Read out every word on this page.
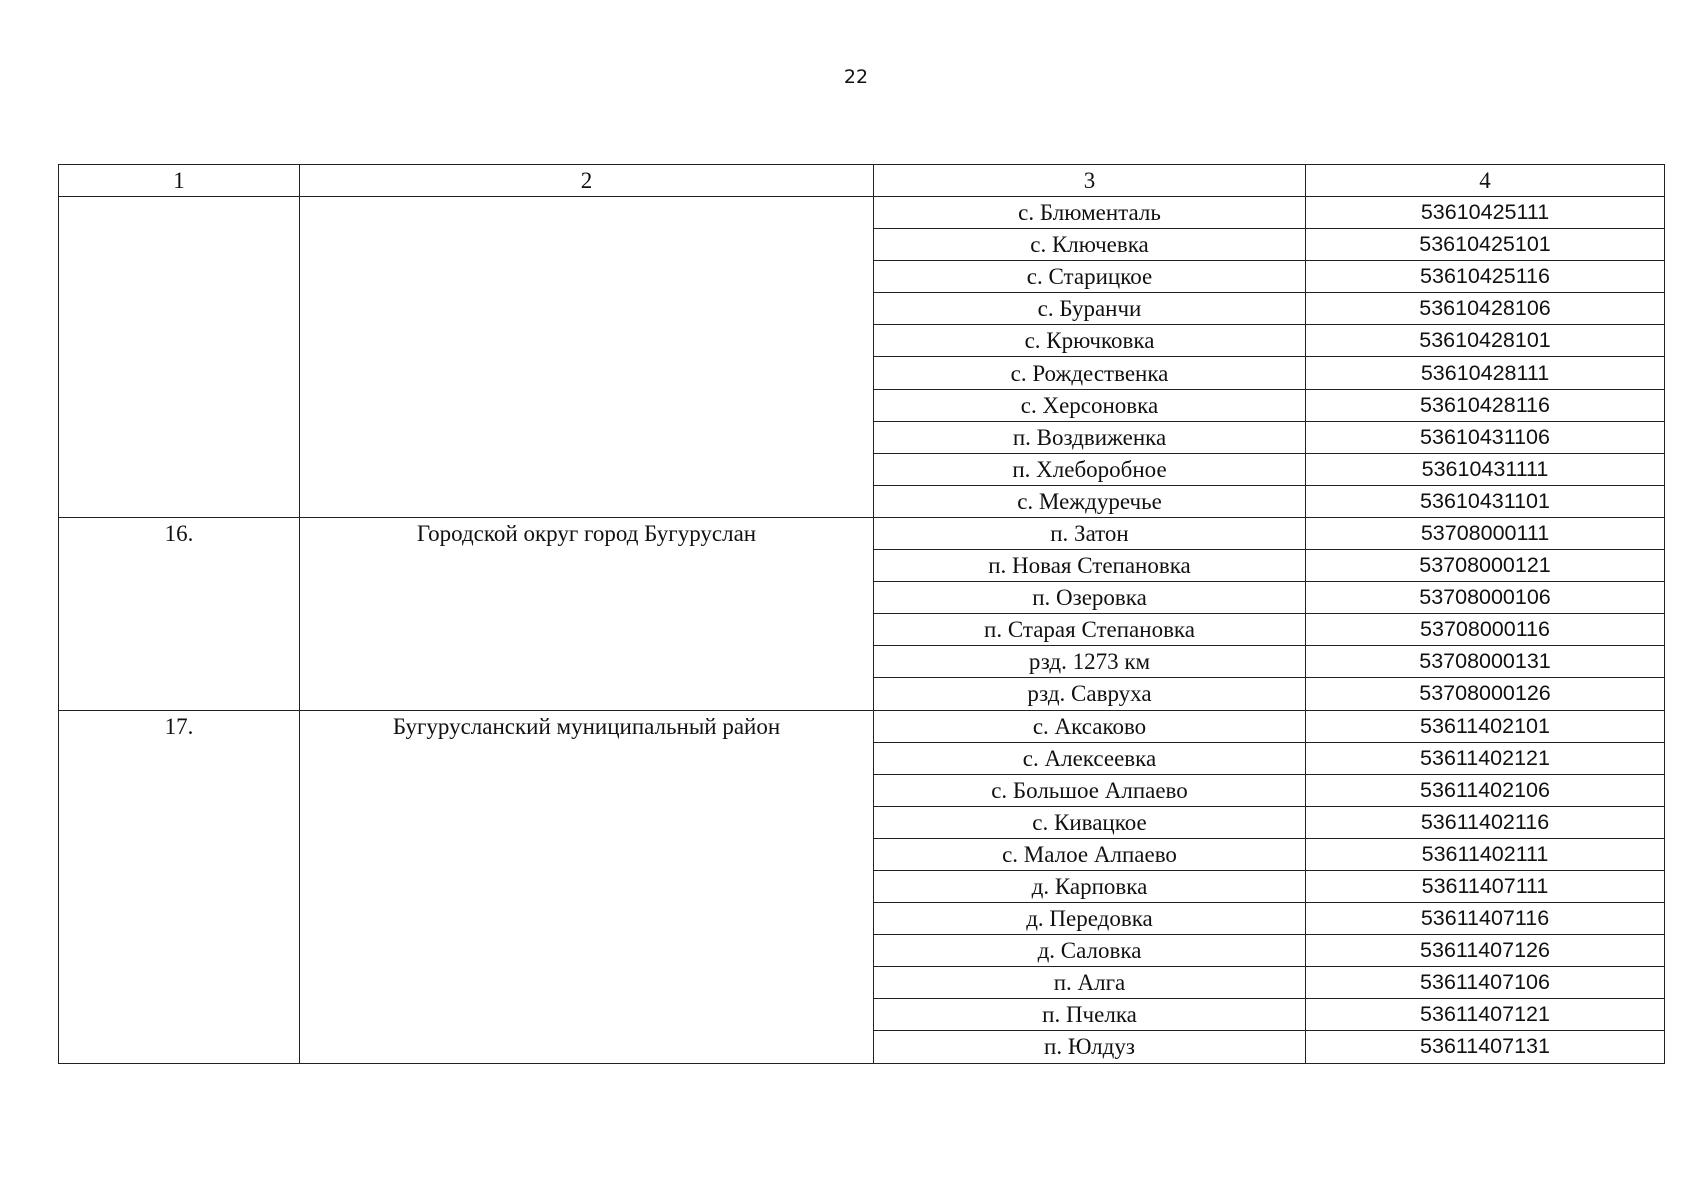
22
1	2	3	4
		с. Блюменталь	53610425111
		с. Ключевка	53610425101
		с. Старицкое	53610425116
		с. Буранчи	53610428106
		с. Крючковка	53610428101
		с. Рождественка	53610428111
		с. Херсоновка	53610428116
		п. Воздвиженка	53610431106
		п. Хлеборобное	53610431111
		с. Междуречье	53610431101
16.	Городской округ город Бугуруслан	п. Затон	53708000111
		п. Новая Степановка	53708000121
		п. Озеровка	53708000106
		п. Старая Степановка	53708000116
		рзд. 1273 км	53708000131
		рзд. Савруха	53708000126
17.	Бугурусланский муниципальный район	с. Аксаково	53611402101
		с. Алексеевка	53611402121
		с. Большое Алпаево	53611402106
		с. Кивацкое	53611402116
		с. Малое Алпаево	53611402111
		д. Карповка	53611407111
		д. Передовка	53611407116
		д. Саловка	53611407126
		п. Алга	53611407106
		п. Пчелка	53611407121
		п. Юлдуз	53611407131
